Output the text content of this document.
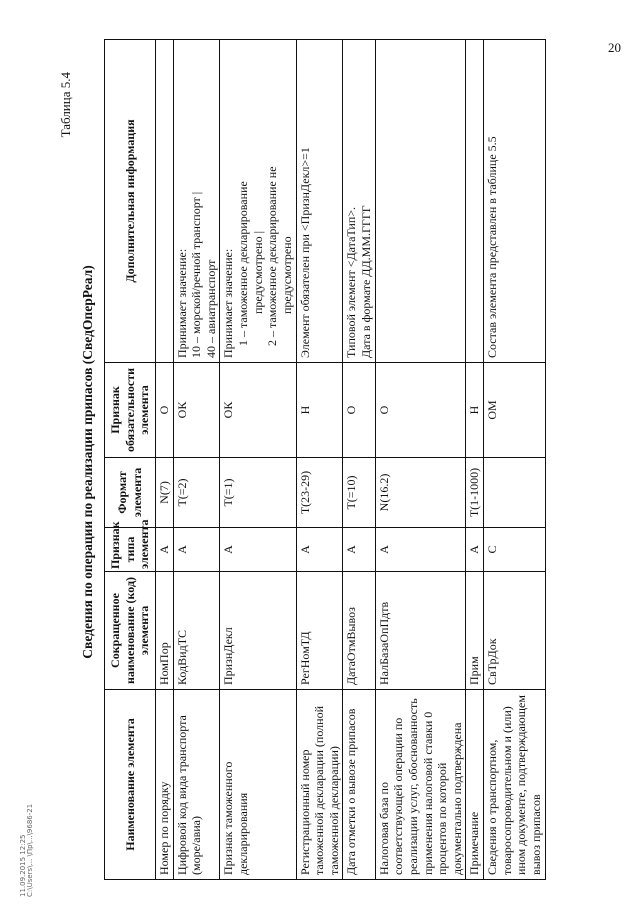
20
11.09.2015 12:25 С:\Users\... \Пр\...\9686-21
Таблица 5.4
Сведения по операции по реализации припасов (СведОперРеал)
Наименование элемента	Сокращенное наименование (код) элемента	Признак типа элемента	Формат элемента	Признак обязательности элемента	Дополнительная информация
Номер по порядку	НомПор	А	N(7)	О	
Цифровой код вида транспорта (море/авиа)	КодВидТС	А	T(=2)	ОК	Принимает значение: 10 – морской/речной транспорт | 40 – авиатранспорт

Признак таможенного декларирования	ПризнДекл	А	T(=1)	ОК	Принимает значение: 1 – таможенное декларирование предусмотрено | 2 – таможенное декларирование не предусмотрено

Регистрационный номер таможенной декларации (полной таможенной декларации)	РегНомТД	А	T(23-29)	Н	Элемент обязателен при <ПризнДекл>=1

Дата отметки о вывозе припасов	ДатаОтмВывоз	А	T(=10)	О	Типовой элемент <ДатаТип>. Дата в формате ДД.ММ.ГГГГ

Налоговая база по соответствующей операции по реализации услуг, обоснованность применения налоговой ставки 0 процентов по которой документально подтверждена	НалБазаОпПдтв	А	N(16.2)	О	
Примечание	Прим	А	T(1-1000)	Н	
Сведения о транспортном, товаросопроводительном и (или) ином документе, подтверждающем вывоз припасов	СвТрДок	С		ОМ	Состав элемента представлен в таблице 5.5
